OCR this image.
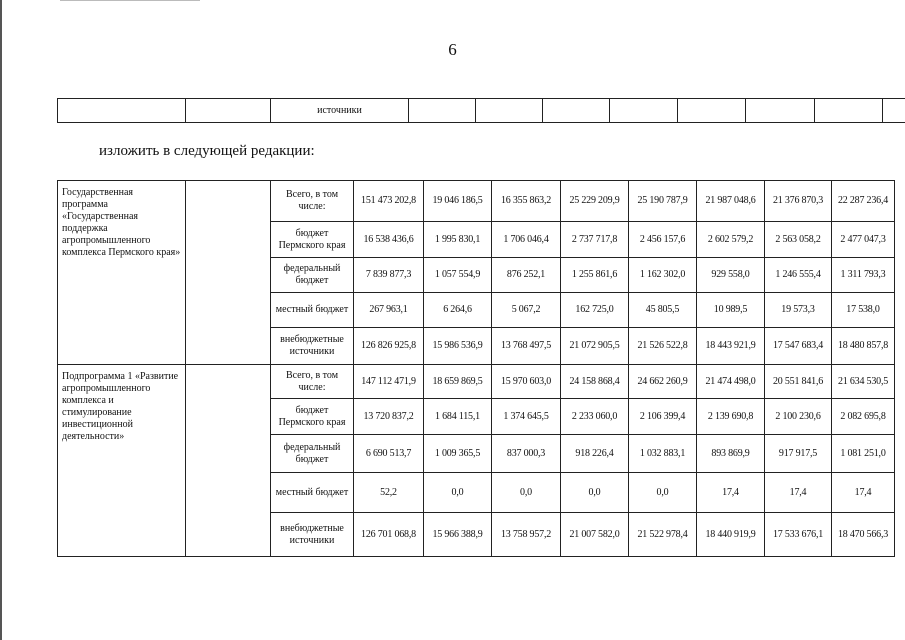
6
		источники								
изложить в следующей редакции:
Государственная программа «Государственная поддержка агропромышленного комплекса Пермского края»		Всего, в том числе:	151 473 202,8	19 046 186,5	16 355 863,2	25 229 209,9	25 190 787,9	21 987 048,6	21 376 870,3	22 287 236,4
		бюджет Пермского края	16 538 436,6	1 995 830,1	1 706 046,4	2 737 717,8	2 456 157,6	2 602 579,2	2 563 058,2	2 477 047,3
		федеральный бюджет	7 839 877,3	1 057 554,9	876 252,1	1 255 861,6	1 162 302,0	929 558,0	1 246 555,4	1 311 793,3
		местный бюджет	267 963,1	6 264,6	5 067,2	162 725,0	45 805,5	10 989,5	19 573,3	17 538,0
		внебюджетные источники	126 826 925,8	15 986 536,9	13 768 497,5	21 072 905,5	21 526 522,8	18 443 921,9	17 547 683,4	18 480 857,8
Подпрограмма 1 «Развитие агропромышленного комплекса и стимулирование инвестиционной деятельности»		Всего, в том числе:	147 112 471,9	18 659 869,5	15 970 603,0	24 158 868,4	24 662 260,9	21 474 498,0	20 551 841,6	21 634 530,5
		бюджет Пермского края	13 720 837,2	1 684 115,1	1 374 645,5	2 233 060,0	2 106 399,4	2 139 690,8	2 100 230,6	2 082 695,8
		федеральный бюджет	6 690 513,7	1 009 365,5	837 000,3	918 226,4	1 032 883,1	893 869,9	917 917,5	1 081 251,0
		местный бюджет	52,2	0,0	0,0	0,0	0,0	17,4	17,4	17,4
		внебюджетные источники	126 701 068,8	15 966 388,9	13 758 957,2	21 007 582,0	21 522 978,4	18 440 919,9	17 533 676,1	18 470 566,3
